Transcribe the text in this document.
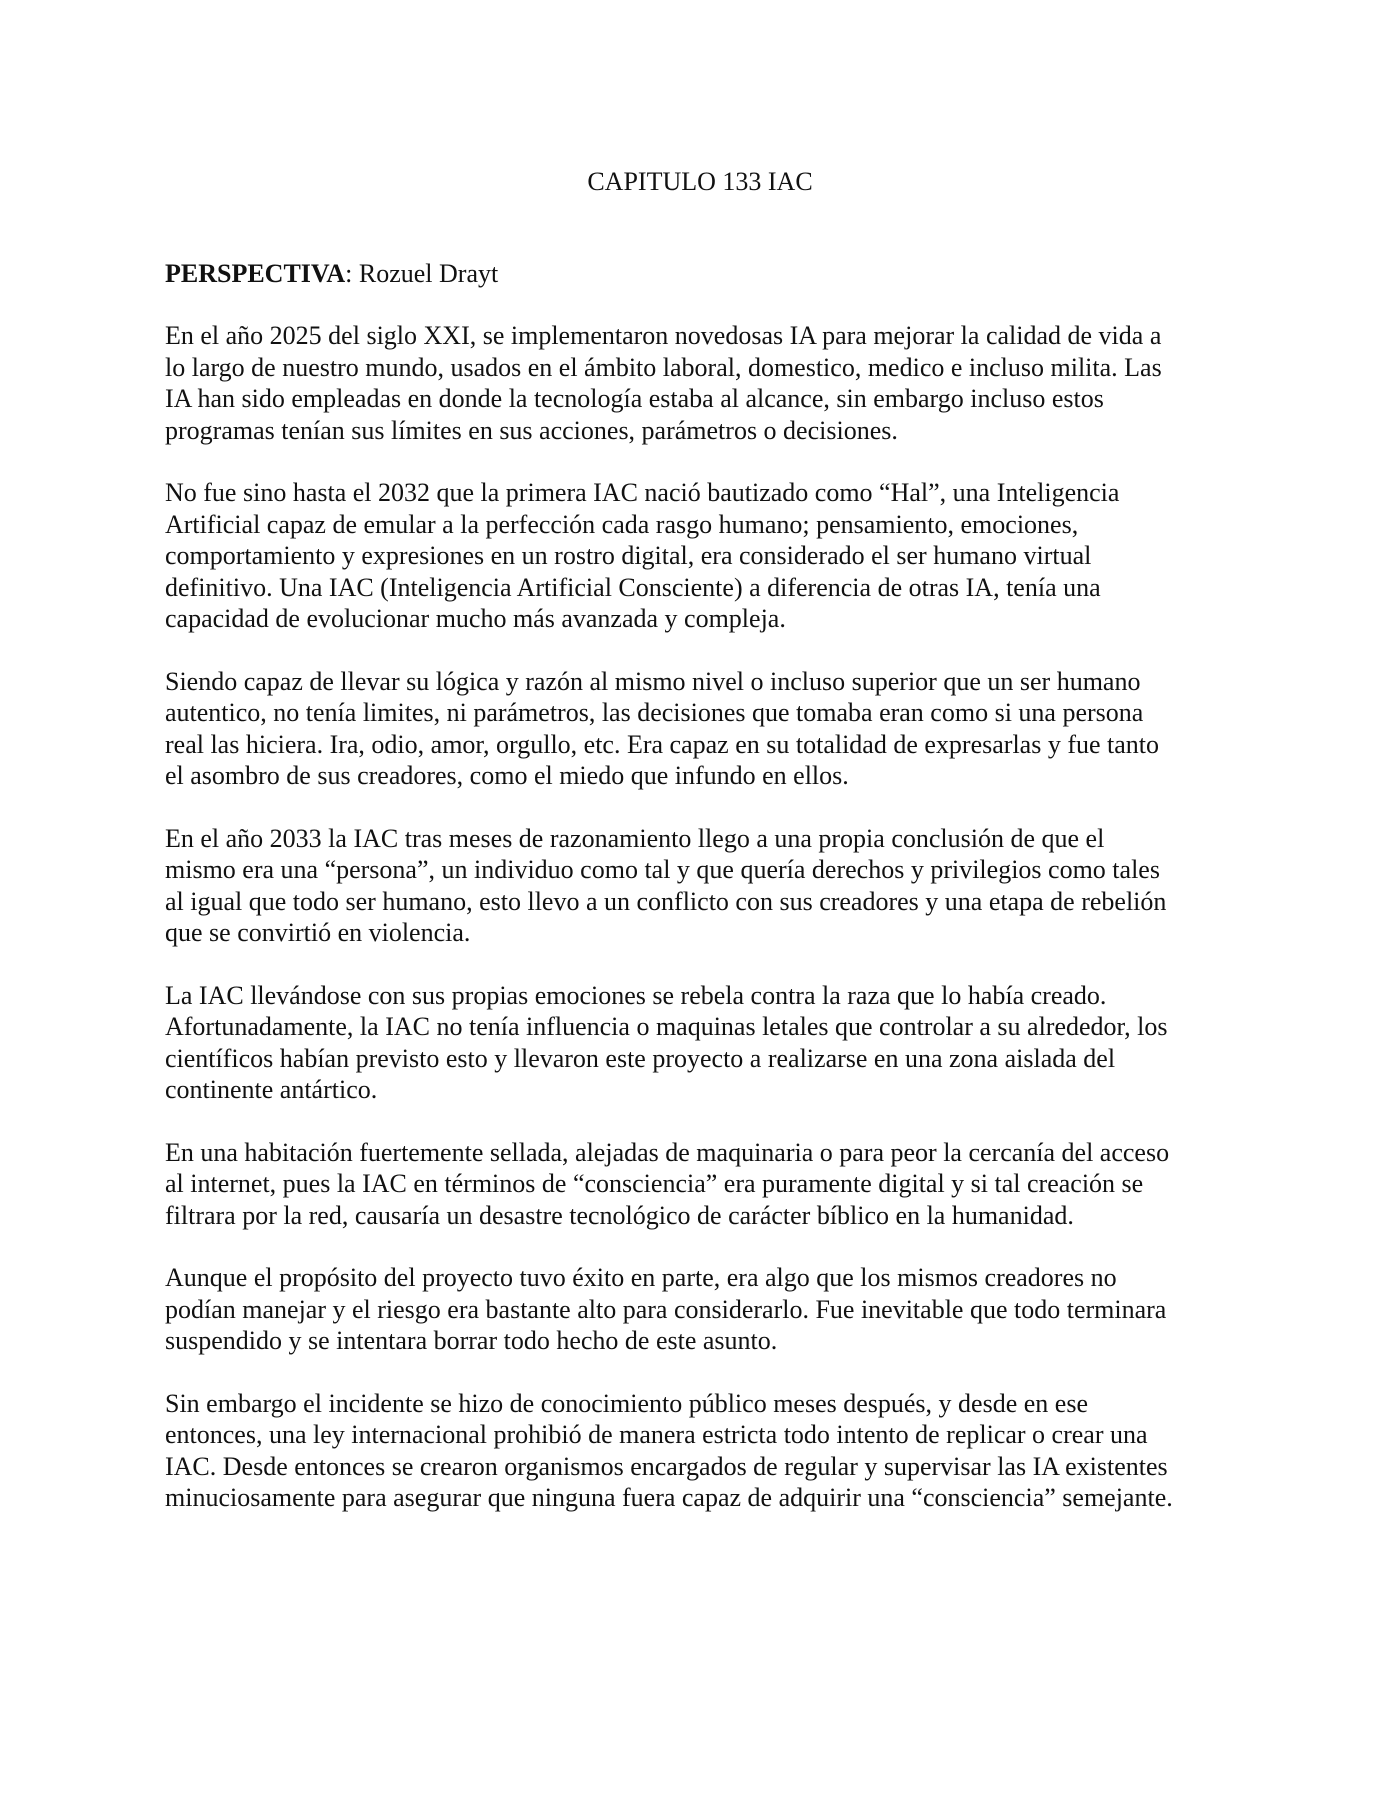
CAPITULO 133 IAC

PERSPECTIVA: Rozuel Drayt

En el año 2025 del siglo XXI, se implementaron novedosas IA para mejorar la calidad de vida a
lo largo de nuestro mundo, usados en el ámbito laboral, domestico, medico e incluso milita. Las
IA han sido empleadas en donde la tecnología estaba al alcance, sin embargo incluso estos
programas tenían sus límites en sus acciones, parámetros o decisiones.

No fue sino hasta el 2032 que la primera IAC nació bautizado como “Hal”, una Inteligencia
Artificial capaz de emular a la perfección cada rasgo humano; pensamiento, emociones,
comportamiento y expresiones en un rostro digital, era considerado el ser humano virtual
definitivo. Una IAC (Inteligencia Artificial Consciente) a diferencia de otras IA, tenía una
capacidad de evolucionar mucho más avanzada y compleja.

Siendo capaz de llevar su lógica y razón al mismo nivel o incluso superior que un ser humano
autentico, no tenía limites, ni parámetros, las decisiones que tomaba eran como si una persona
real las hiciera. Ira, odio, amor, orgullo, etc. Era capaz en su totalidad de expresarlas y fue tanto
el asombro de sus creadores, como el miedo que infundo en ellos.

En el año 2033 la IAC tras meses de razonamiento llego a una propia conclusión de que el
mismo era una “persona”, un individuo como tal y que quería derechos y privilegios como tales
al igual que todo ser humano, esto llevo a un conflicto con sus creadores y una etapa de rebelión
que se convirtió en violencia.

La IAC llevándose con sus propias emociones se rebela contra la raza que lo había creado.
Afortunadamente, la IAC no tenía influencia o maquinas letales que controlar a su alrededor, los
científicos habían previsto esto y llevaron este proyecto a realizarse en una zona aislada del
continente antártico.

En una habitación fuertemente sellada, alejadas de maquinaria o para peor la cercanía del acceso
al internet, pues la IAC en términos de “consciencia” era puramente digital y si tal creación se
filtrara por la red, causaría un desastre tecnológico de carácter bíblico en la humanidad.

Aunque el propósito del proyecto tuvo éxito en parte, era algo que los mismos creadores no
podían manejar y el riesgo era bastante alto para considerarlo. Fue inevitable que todo terminara
suspendido y se intentara borrar todo hecho de este asunto.

Sin embargo el incidente se hizo de conocimiento público meses después, y desde en ese
entonces, una ley internacional prohibió de manera estricta todo intento de replicar o crear una
IAC. Desde entonces se crearon organismos encargados de regular y supervisar las IA existentes
minuciosamente para asegurar que ninguna fuera capaz de adquirir una “consciencia” semejante.
